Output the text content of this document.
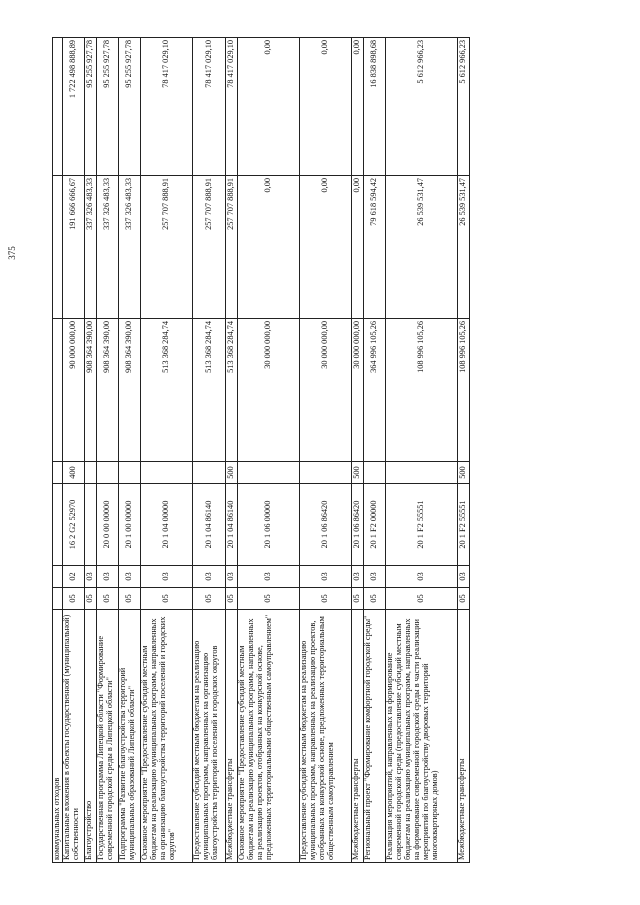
375
коммунальных отходов							
Капитальные вложения в объекты государственной (муниципальной) собственности	05	02	16 2 G2 52970	400	90 000 000,00	191 666 666,67	1 722 498 888,89
Благоустройство	05	03			908 364 390,00	337 326 483,33	95 255 927,78
Государственная программа Липецкой области "Формирование современной городской среды в Липецкой области"	05	03	20 0 00 00000		908 364 390,00	337 326 483,33	95 255 927,78
Подпрограмма "Развитие благоустройства территорий муниципальных образований Липецкой области"	05	03	20 1 00 00000		908 364 390,00	337 326 483,33	95 255 927,78
Основное мероприятие "Предоставление субсидий местным бюджетам на реализацию муниципальных программ, направленных на организацию благоустройства территорий поселений и городских округов"	05	03	20 1 04 00000		513 368 284,74	257 707 888,91	78 417 029,10
Предоставление субсидий местным бюджетам на реализацию муниципальных программ, направленных на организацию благоустройства территорий поселений и городских округов	05	03	20 1 04 86140		513 368 284,74	257 707 888,91	78 417 029,10
Межбюджетные трансферты	05	03	20 1 04 86140	500	513 368 284,74	257 707 888,91	78 417 029,10
Основное мероприятие "Предоставление субсидий местным бюджетам на реализацию муниципальных программ, направленных на реализацию проектов, отобранных на конкурсной основе, предложенных территориальными общественным самоуправлением"	05	03	20 1 06 00000		30 000 000,00	0,00	0,00
Предоставление субсидий местным бюджетам на реализацию муниципальных программ, направленных на реализацию проектов, отобранных на конкурсной основе, предложенных территориальным общественным самоуправлением	05	03	20 1 06 86420		30 000 000,00	0,00	0,00
Межбюджетные трансферты	05	03	20 1 06 86420	500	30 000 000,00	0,00	0,00
Региональный проект "Формирование комфортной городской среды"	05	03	20 1 F2 00000		364 996 105,26	79 618 594,42	16 838 898,68
Реализация мероприятий, направленных на формирование современной городской среды (предоставление субсидий местным бюджетам на реализацию муниципальных программ, направленных на формирование современной городской среды в части реализации мероприятий по благоустройству дворовых территорий многоквартирных домов)	05	03	20 1 F2 55551		108 996 105,26	26 539 531,47	5 612 966,23
Межбюджетные трансферты	05	03	20 1 F2 55551	500	108 996 105,26	26 539 531,47	5 612 966,23
